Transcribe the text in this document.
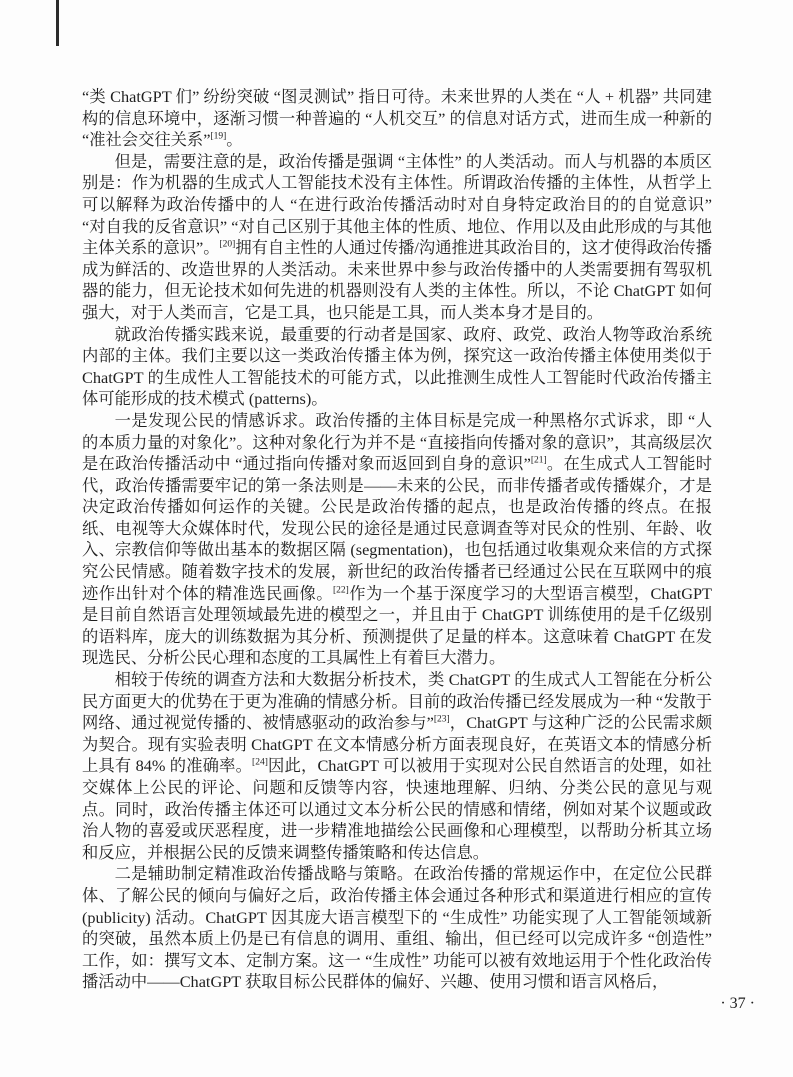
“类 ChatGPT 们” 纷纷突破 “图灵测试” 指日可待。未来世界的人类在 “人 + 机器” 共同建构的信息环境中，逐渐习惯一种普遍的 “人机交互” 的信息对话方式，进而生成一种新的 “准社会交往关系”[19]。

但是，需要注意的是，政治传播是强调 “主体性” 的人类活动。而人与机器的本质区别是：作为机器的生成式人工智能技术没有主体性。所谓政治传播的主体性，从哲学上可以解释为政治传播中的人 “在进行政治传播活动时对自身特定政治目的的自觉意识” “对自我的反省意识” “对自己区别于其他主体的性质、地位、作用以及由此形成的与其他主体关系的意识”。[20]拥有自主性的人通过传播/沟通推进其政治目的，这才使得政治传播成为鲜活的、改造世界的人类活动。未来世界中参与政治传播中的人类需要拥有驾驭机器的能力，但无论技术如何先进的机器则没有人类的主体性。所以，不论 ChatGPT 如何强大，对于人类而言，它是工具，也只能是工具，而人类本身才是目的。

就政治传播实践来说，最重要的行动者是国家、政府、政党、政治人物等政治系统内部的主体。我们主要以这一类政治传播主体为例，探究这一政治传播主体使用类似于 ChatGPT 的生成性人工智能技术的可能方式，以此推测生成性人工智能时代政治传播主体可能形成的技术模式 (patterns)。

一是发现公民的情感诉求。政治传播的主体目标是完成一种黑格尔式诉求，即 “人的本质力量的对象化”。这种对象化行为并不是 “直接指向传播对象的意识”，其高级层次是在政治传播活动中 “通过指向传播对象而返回到自身的意识”[21]。在生成式人工智能时代，政治传播需要牢记的第一条法则是——未来的公民，而非传播者或传播媒介，才是决定政治传播如何运作的关键。公民是政治传播的起点，也是政治传播的终点。在报纸、电视等大众媒体时代，发现公民的途径是通过民意调查等对民众的性别、年龄、收入、宗教信仰等做出基本的数据区隔 (segmentation)，也包括通过收集观众来信的方式探究公民情感。随着数字技术的发展，新世纪的政治传播者已经通过公民在互联网中的痕迹作出针对个体的精准选民画像。[22]作为一个基于深度学习的大型语言模型，ChatGPT 是目前自然语言处理领域最先进的模型之一，并且由于 ChatGPT 训练使用的是千亿级别的语料库，庞大的训练数据为其分析、预测提供了足量的样本。这意味着 ChatGPT 在发现选民、分析公民心理和态度的工具属性上有着巨大潜力。

相较于传统的调查方法和大数据分析技术，类 ChatGPT 的生成式人工智能在分析公民方面更大的优势在于更为准确的情感分析。目前的政治传播已经发展成为一种 “发散于网络、通过视觉传播的、被情感驱动的政治参与”[23]，ChatGPT 与这种广泛的公民需求颇为契合。现有实验表明 ChatGPT 在文本情感分析方面表现良好，在英语文本的情感分析上具有 84% 的准确率。[24]因此，ChatGPT 可以被用于实现对公民自然语言的处理，如社交媒体上公民的评论、问题和反馈等内容，快速地理解、归纳、分类公民的意见与观点。同时，政治传播主体还可以通过文本分析公民的情感和情绪，例如对某个议题或政治人物的喜爱或厌恶程度，进一步精准地描绘公民画像和心理模型，以帮助分析其立场和反应，并根据公民的反馈来调整传播策略和传达信息。

二是辅助制定精准政治传播战略与策略。在政治传播的常规运作中，在定位公民群体、了解公民的倾向与偏好之后，政治传播主体会通过各种形式和渠道进行相应的宣传 (publicity) 活动。ChatGPT 因其庞大语言模型下的 “生成性” 功能实现了人工智能领域新的突破，虽然本质上仍是已有信息的调用、重组、输出，但已经可以完成许多 “创造性” 工作，如：撰写文本、定制方案。这一 “生成性” 功能可以被有效地运用于个性化政治传播活动中——ChatGPT 获取目标公民群体的偏好、兴趣、使用习惯和语言风格后，

· 37 ·
